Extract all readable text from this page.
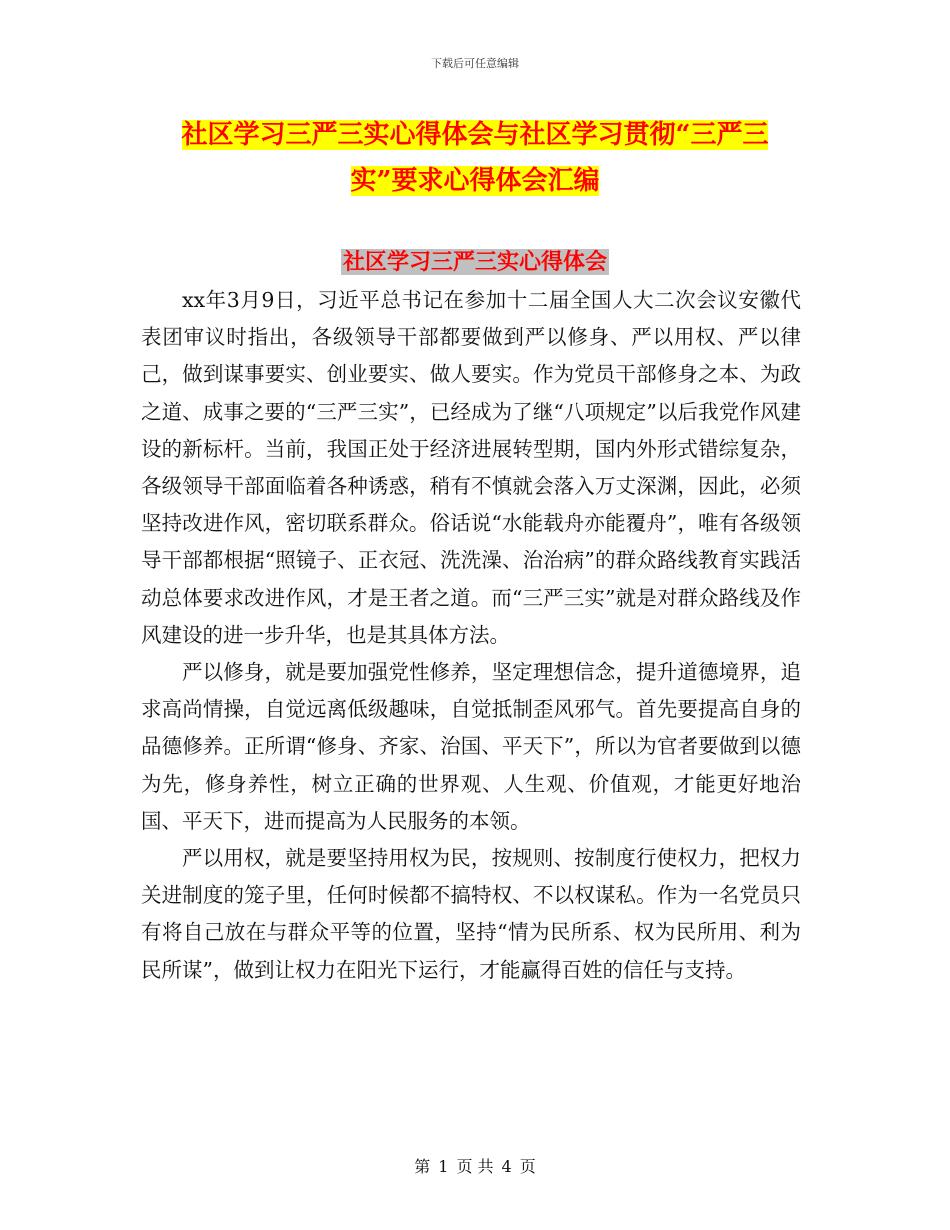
下载后可任意编辑
社区学习三严三实心得体会与社区学习贯彻“三严三
实”要求心得体会汇编
社区学习三严三实心得体会

xx年3月9日，习近平总书记在参加十二届全国人大二次会议安徽代表团审议时指出，各级领导干部都要做到严以修身、严以用权、严以律己，做到谋事要实、创业要实、做人要实。作为党员干部修身之本、为政之道、成事之要的“三严三实”，已经成为了继“八项规定”以后我党作风建设的新标杆。当前，我国正处于经济进展转型期，国内外形式错综复杂，各级领导干部面临着各种诱惑，稍有不慎就会落入万丈深渊，因此，必须坚持改进作风，密切联系群众。俗话说“水能载舟亦能覆舟”，唯有各级领导干部都根据“照镜子、正衣冠、洗洗澡、治治病”的群众路线教育实践活动总体要求改进作风，才是王者之道。而“三严三实”就是对群众路线及作风建设的进一步升华，也是其具体方法。

严以修身，就是要加强党性修养，坚定理想信念，提升道德境界，追求高尚情操，自觉远离低级趣味，自觉抵制歪风邪气。首先要提高自身的品德修养。正所谓“修身、齐家、治国、平天下”，所以为官者要做到以德为先，修身养性，树立正确的世界观、人生观、价值观，才能更好地治国、平天下，进而提高为人民服务的本领。

严以用权，就是要坚持用权为民，按规则、按制度行使权力，把权力关进制度的笼子里，任何时候都不搞特权、不以权谋私。作为一名党员只有将自己放在与群众平等的位置，坚持“情为民所系、权为民所用、利为民所谋”，做到让权力在阳光下运行，才能赢得百姓的信任与支持。

第 1 页 共 4 页
